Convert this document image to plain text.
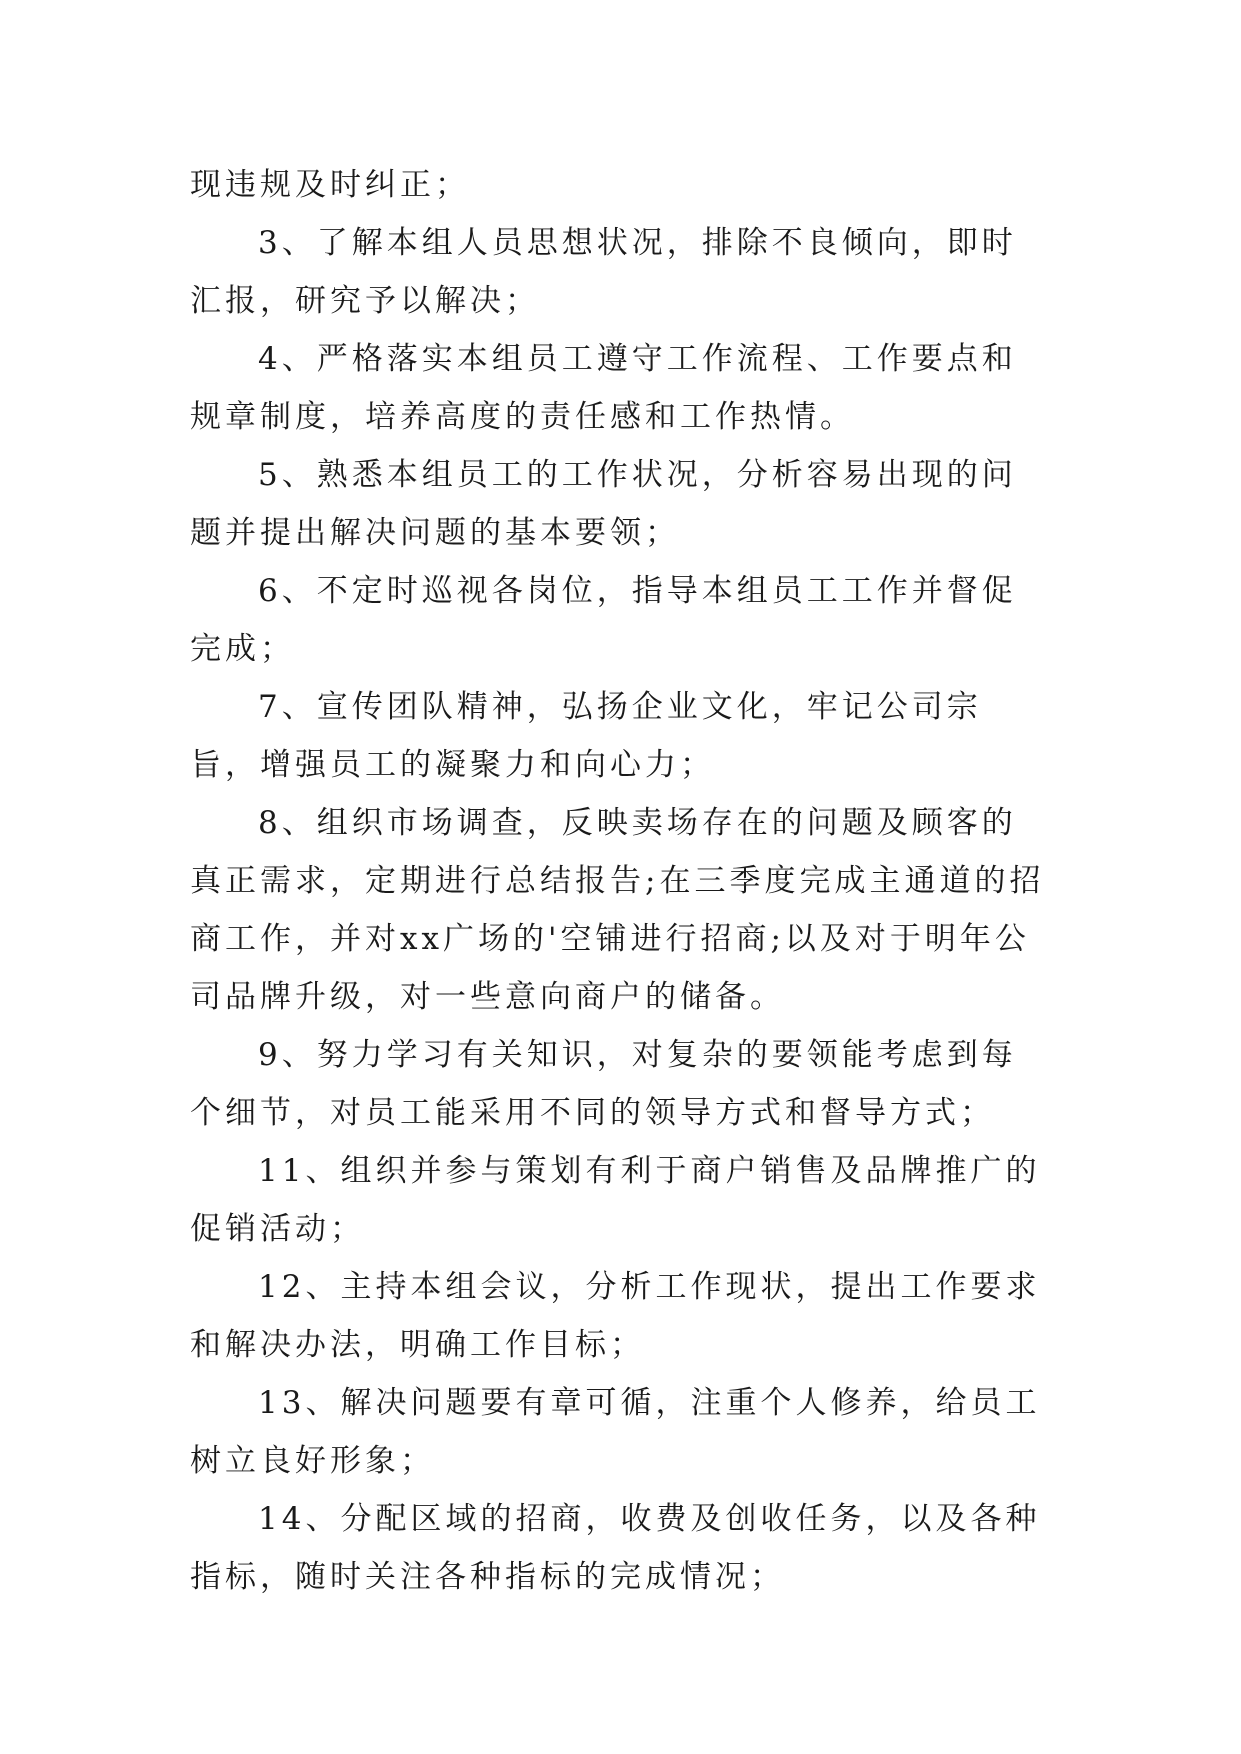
现违规及时纠正；

3、了解本组人员思想状况，排除不良倾向，即时汇报，研究予以解决；

4、严格落实本组员工遵守工作流程、工作要点和规章制度，培养高度的责任感和工作热情。

5、熟悉本组员工的工作状况，分析容易出现的问题并提出解决问题的基本要领；

6、不定时巡视各岗位，指导本组员工工作并督促完成；

7、宣传团队精神，弘扬企业文化，牢记公司宗旨，增强员工的凝聚力和向心力；

8、组织市场调查，反映卖场存在的问题及顾客的真正需求，定期进行总结报告;在三季度完成主通道的招商工作，并对xx广场的'空铺进行招商;以及对于明年公司品牌升级，对一些意向商户的储备。

9、努力学习有关知识，对复杂的要领能考虑到每个细节，对员工能采用不同的领导方式和督导方式；

11、组织并参与策划有利于商户销售及品牌推广的促销活动；

12、主持本组会议，分析工作现状，提出工作要求和解决办法，明确工作目标；

13、解决问题要有章可循，注重个人修养，给员工树立良好形象；

14、分配区域的招商，收费及创收任务，以及各种指标，随时关注各种指标的完成情况；
